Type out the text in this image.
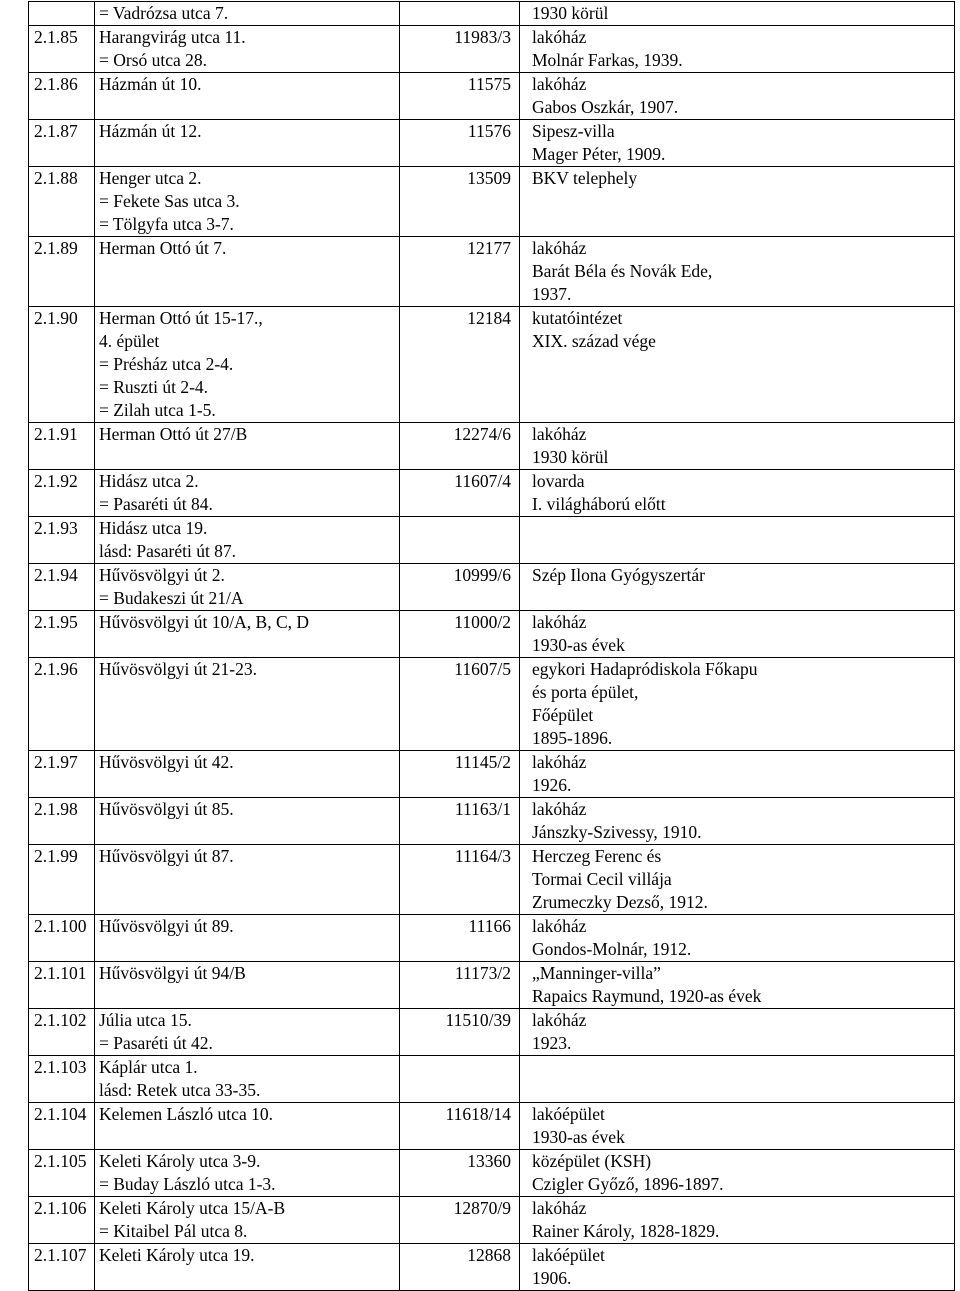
	= Vadrózsa utca 7.		1930 körül

2.1.85	Harangvirág utca 11.
= Orsó utca 28.	11983/3	lakóház
Molnár Farkas, 1939.

2.1.86	Házmán út 10.	11575	lakóház
Gabos Oszkár, 1907.

2.1.87	Házmán út 12.	11576	Sipesz-villa
Mager Péter, 1909.

2.1.88	Henger utca 2.
= Fekete Sas utca 3.
= Tölgyfa utca 3-7.	13509	BKV telephely

2.1.89	Herman Ottó út 7.	12177	lakóház
Barát Béla és Novák Ede,
1937.

2.1.90	Herman Ottó út 15-17.,
4. épület
= Présház utca 2-4.
= Ruszti út 2-4.
= Zilah utca 1-5.	12184	kutatóintézet
XIX. század vége

2.1.91	Herman Ottó út 27/B	12274/6	lakóház
1930 körül

2.1.92	Hidász utca 2.
= Pasaréti út 84.	11607/4	lovarda
I. világháború előtt

2.1.93	Hidász utca 19.
lásd: Pasaréti út 87.		

2.1.94	Hűvösvölgyi út 2.
= Budakeszi út 21/A	10999/6	Szép Ilona Gyógyszertár

2.1.95	Hűvösvölgyi út 10/A, B, C, D	11000/2	lakóház
1930-as évek

2.1.96	Hűvösvölgyi út 21-23.	11607/5	egykori Hadapródiskola Főkapu
és porta épület,
Főépület
1895-1896.

2.1.97	Hűvösvölgyi út 42.	11145/2	lakóház
1926.

2.1.98	Hűvösvölgyi út 85.	11163/1	lakóház
Jánszky-Szivessy, 1910.

2.1.99	Hűvösvölgyi út 87.	11164/3	Herczeg Ferenc és
Tormai Cecil villája
Zrumeczky Dezső, 1912.

2.1.100	Hűvösvölgyi út 89.	11166	lakóház
Gondos-Molnár, 1912.

2.1.101	Hűvösvölgyi út 94/B	11173/2	„Manninger-villa”
Rapaics Raymund, 1920-as évek

2.1.102	Júlia utca 15.
= Pasaréti út 42.	11510/39	lakóház
1923.

2.1.103	Káplár utca 1.
lásd: Retek utca 33-35.		

2.1.104	Kelemen László utca 10.	11618/14	lakóépület
1930-as évek

2.1.105	Keleti Károly utca 3-9.
= Buday László utca 1-3.	13360	középület (KSH)
Czigler Győző, 1896-1897.

2.1.106	Keleti Károly utca 15/A-B
= Kitaibel Pál utca 8.	12870/9	lakóház
Rainer Károly, 1828-1829.

2.1.107	Keleti Károly utca 19.	12868	lakóépület
1906.
